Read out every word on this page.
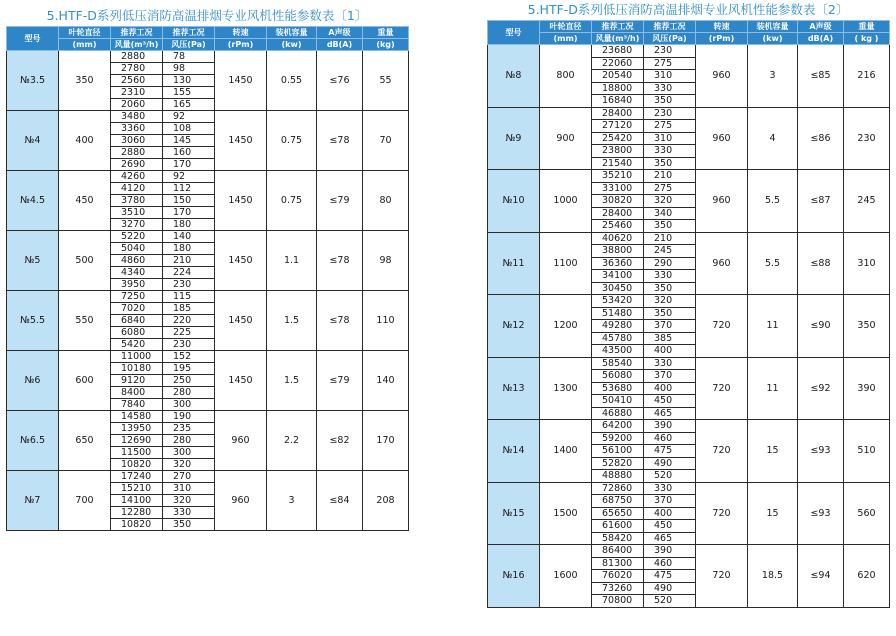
5.HTF-D系列低压消防高温排烟专业风机性能参数表〔1〕
型号	叶轮直径	推荐工况	推荐工况	转速	装机容量	A声级	重量
	(mm)	风量(m³/h)	风压(Pa)	(rPm)	(kw)	dB(A)	(kg)
№3.5	350	2880	78	1450	0.55	≤76	55
		2780	98				
		2560	130				
		2310	155				
		2060	165				
№4	400	3480	92	1450	0.75	≤78	70
		3360	108				
		3060	145				
		2880	160				
		2690	170				
№4.5	450	4260	92	1450	0.75	≤79	80
		4120	112				
		3780	150				
		3510	170				
		3270	180				
№5	500	5220	140	1450	1.1	≤78	98
		5040	180				
		4860	210				
		4340	224				
		3950	230				
№5.5	550	7250	115	1450	1.5	≤78	110
		7020	185				
		6840	220				
		6080	225				
		5420	230				
№6	600	11000	152	1450	1.5	≤79	140
		10180	195				
		9120	250				
		8400	280				
		7840	300				
№6.5	650	14580	190	960	2.2	≤82	170
		13950	235				
		12690	280				
		11500	300				
		10820	320				
№7	700	17240	270	960	3	≤84	208
		15210	310				
		14100	320				
		12280	330				
		10820	350				
5.HTF-D系列低压消防高温排烟专业风机性能参数表〔2〕
型号	叶轮直径	推荐工况	推荐工况	转速	装机容量	A声级	重量
	(mm)	风量(m³/h)	风压(Pa)	(rPm)	(kw)	dB(A)	( kg )
№8	800	23680	230	960	3	≤85	216
		22060	275				
		20540	310				
		18800	330				
		16840	350				
№9	900	28400	230	960	4	≤86	230
		27120	275				
		25420	310				
		23800	330				
		21540	350				
№10	1000	35210	210	960	5.5	≤87	245
		33100	275				
		30820	320				
		28400	340				
		25460	350				
№11	1100	40620	210	960	5.5	≤88	310
		38800	245				
		36360	290				
		34100	330				
		30450	350				
№12	1200	53420	320	720	11	≤90	350
		51480	350				
		49280	370				
		45780	385				
		43500	400				
№13	1300	58540	330	720	11	≤92	390
		56080	370				
		53680	400				
		50410	450				
		46880	465				
№14	1400	64200	390	720	15	≤93	510
		59200	460				
		56100	475				
		52820	490				
		48880	520				
№15	1500	72860	330	720	15	≤93	560
		68750	370				
		65650	400				
		61600	450				
		58420	465				
№16	1600	86400	390	720	18.5	≤94	620
		81300	460				
		76020	475				
		73260	490				
		70800	520				
